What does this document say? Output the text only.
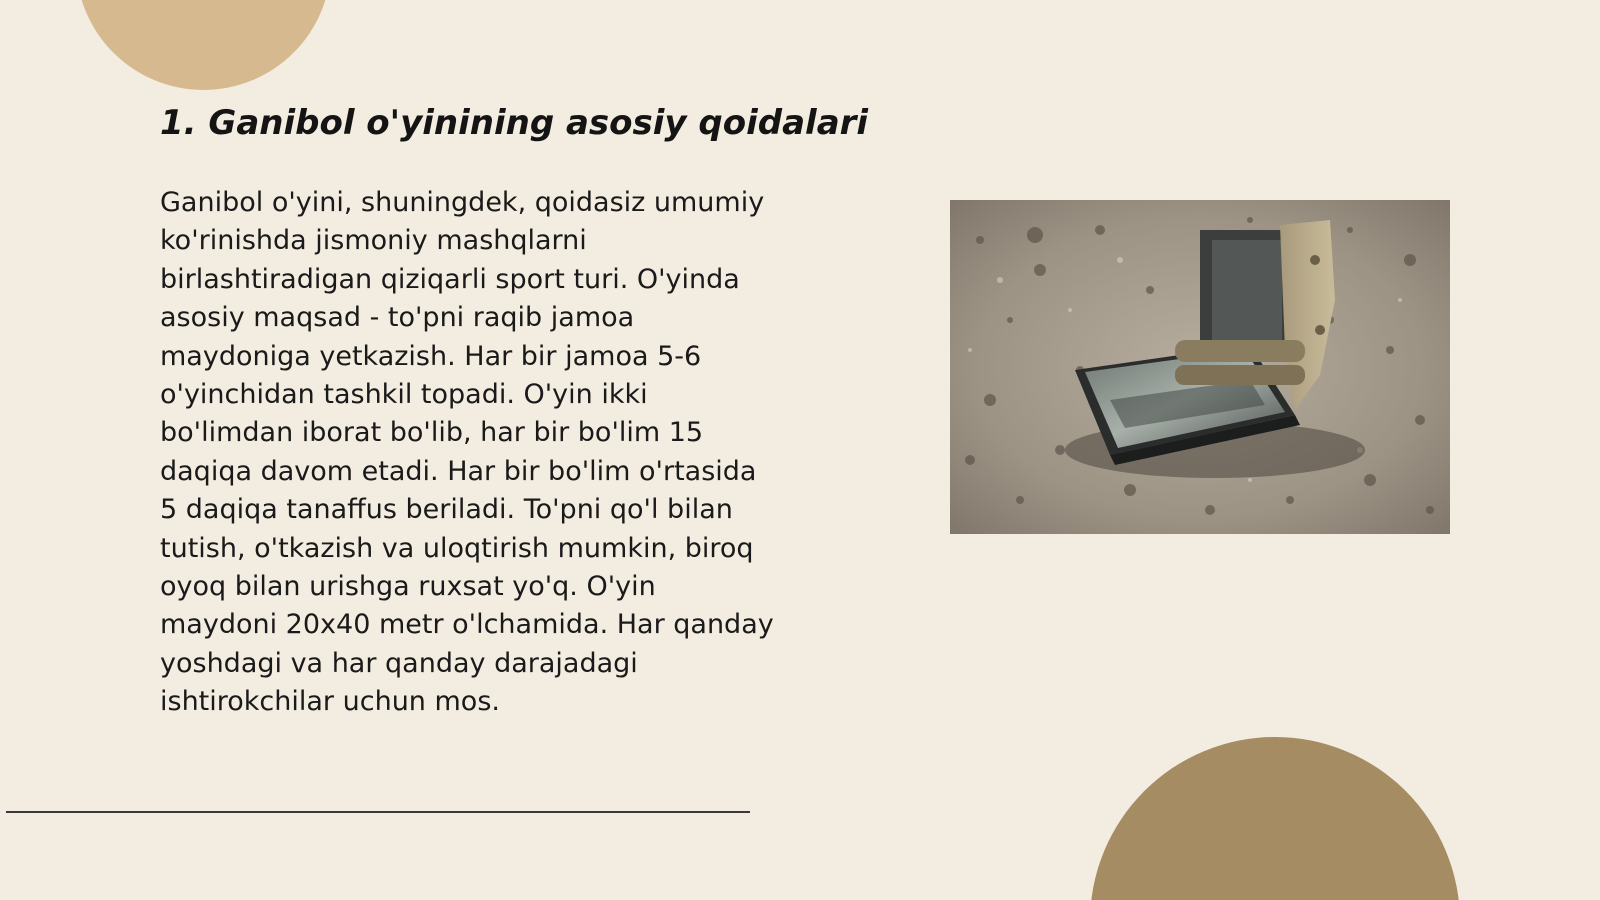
1. Ganibol o'yinining asosiy qoidalari

Ganibol o'yini, shuningdek, qoidasiz umumiy
ko'rinishda jismoniy mashqlarni
birlashtiradigan qiziqarli sport turi. O'yinda
asosiy maqsad - to'pni raqib jamoa
maydoniga yetkazish. Har bir jamoa 5-6
o'yinchidan tashkil topadi. O'yin ikki
bo'limdan iborat bo'lib, har bir bo'lim 15
daqiqa davom etadi. Har bir bo'lim o'rtasida
5 daqiqa tanaffus beriladi. To'pni qo'l bilan
tutish, o'tkazish va uloqtirish mumkin, biroq
oyoq bilan urishga ruxsat yo'q. O'yin
maydoni 20x40 metr o'lchamida. Har qanday
yoshdagi va har qanday darajadagi
ishtirokchilar uchun mos.
